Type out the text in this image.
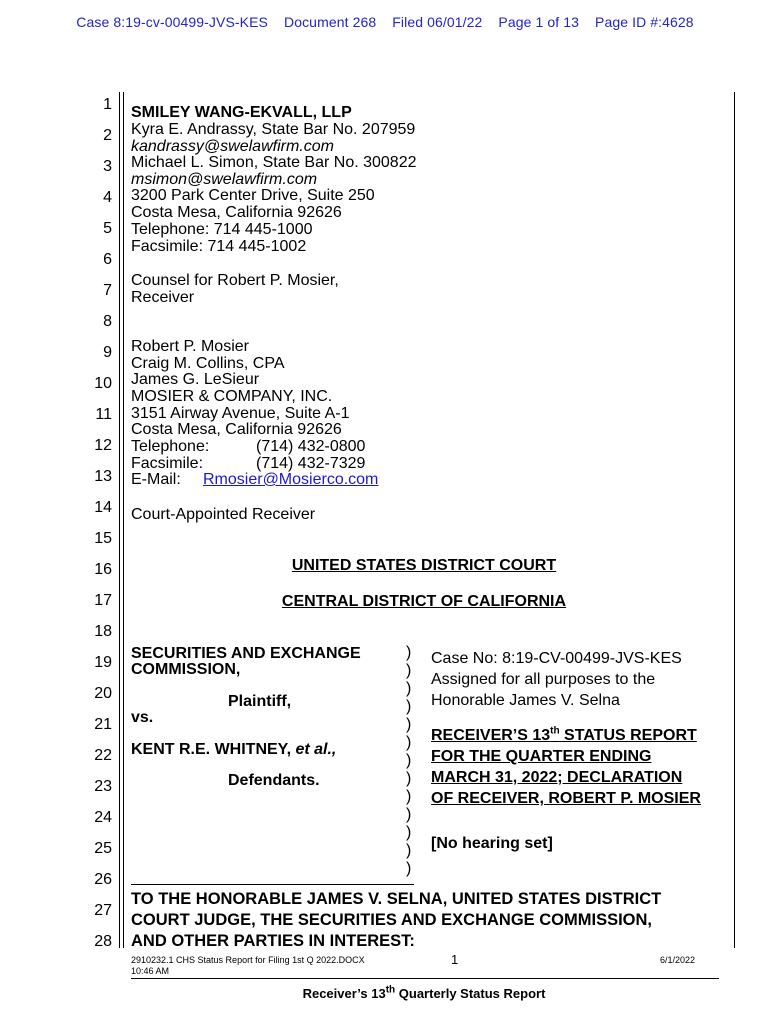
Case 8:19-cv-00499-JVS-KES Document 268 Filed 06/01/22 Page 1 of 13 Page ID #:4628
1
2
3
4
5
6
7
8
9
10
11
12
13
14
15
16
17
18
19
20
21
22
23
24
25
26
27
28
SMILEY WANG-EKVALL, LLP
Kyra E. Andrassy, State Bar No. 207959
kandrassy@swelawfirm.com
Michael L. Simon, State Bar No. 300822
msimon@swelawfirm.com
3200 Park Center Drive, Suite 250
Costa Mesa, California 92626
Telephone: 714 445-1000
Facsimile: 714 445-1002
Counsel for Robert P. Mosier,
Receiver
Robert P. Mosier
Craig M. Collins, CPA
James G. LeSieur
MOSIER & COMPANY, INC.
3151 Airway Avenue, Suite A-1
Costa Mesa, California 92626
Telephone:	(714) 432-0800
Facsimile:	(714) 432-7329
E-Mail: Rmosier@Mosierco.com
Court-Appointed Receiver
UNITED STATES DISTRICT COURT
CENTRAL DISTRICT OF CALIFORNIA
SECURITIES AND EXCHANGE
COMMISSION,
Plaintiff,
vs.
KENT R.E. WHITNEY, et al.,
Defendants.
)
)
)
)
)
)
)
)
)
)
)
)
)
Case No: 8:19-CV-00499-JVS-KES
Assigned for all purposes to the
Honorable James V. Selna
RECEIVER’S 13th STATUS REPORT
FOR THE QUARTER ENDING
MARCH 31, 2022; DECLARATION
OF RECEIVER, ROBERT P. MOSIER
[No hearing set]
TO THE HONORABLE JAMES V. SELNA, UNITED STATES DISTRICT
COURT JUDGE, THE SECURITIES AND EXCHANGE COMMISSION,
AND OTHER PARTIES IN INTEREST:
2910232.1 CHS Status Report for Filing 1st Q 2022.DOCX
10:46 AM
1	6/1/2022
Receiver’s 13th Quarterly Status Report
